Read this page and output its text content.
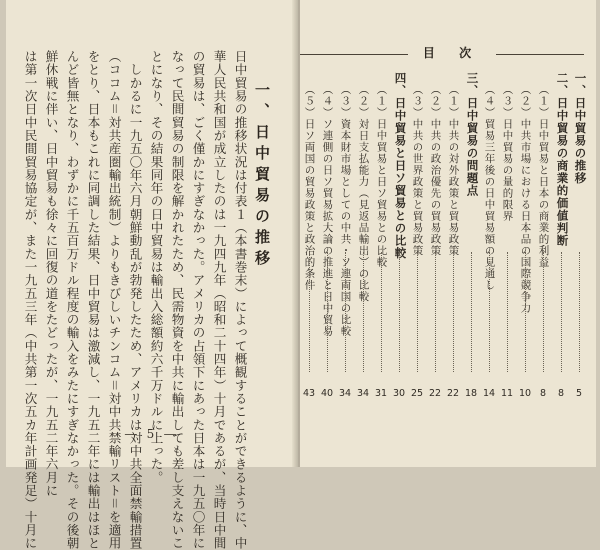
一、日中貿易の推移
日中貿易の推移状況は付表１（本書巻末）によって概観することができるように、中
華人民共和国が成立したのは一九四九年（昭和二十四年）十月であるが、当時日中間
の貿易は、ごく僅かにすぎなかった。アメリカの占領下にあった日本は一九五〇年に
なって民間貿易の制限を解かれたため、民需物資を中共に輸出しても差し支えないこ
とになり、その結果同年の日中貿易は輸出入総額約六千万ドルに上った。
　しかるに一九五〇年六月朝鮮動乱が勃発したため、アメリカは対中共全面禁輸措置
（ココム＝対共産圏輸出統制）よりもきびしいチンコム＝対中共禁輸リスト＝を適用
をとり、日本もこれに同調した結果、日中貿易は激減し、一九五二年には輸出はほと
んど皆無となり、わずかに千五百万ドル程度の輸入をみたにすぎなかった。その後朝
鮮休戦に伴い、日中貿易も徐々に回復の道をたどったが、一九五二年六月に
は第一次日中民間貿易協定が、また一九五三年（中共第一次五カ年計画発足）十月に	― 5 ―
目 次
一、日中貿易の推移
二、日中貿易の商業的価値判断
（１）日中貿易と日本の商業的利益
（２）中共市場における日本品の国際競争力
（３）日中貿易の量的限界
（４）貿易三年後の日中貿易額の見通し
三、日中貿易の問題点
（１）中共の対外政策と貿易政策
（２）中共の政治優先の貿易政策
（３）中共の世界政策と貿易政策
四、日中貿易と日ソ貿易との比較
（１）日中貿易と日ソ貿易との比較
（２）対日支払能力（見返品輸出）の比較
（３）資本財市場としての中共・ソ連両国の比較
（４）ソ連側の日ソ貿易拡大論の推進と日中貿易
（５）日ソ両国の貿易政策と政治的条件
5
8
8
10
11
14
18
22
22
25
30
31
34
34
40
43
